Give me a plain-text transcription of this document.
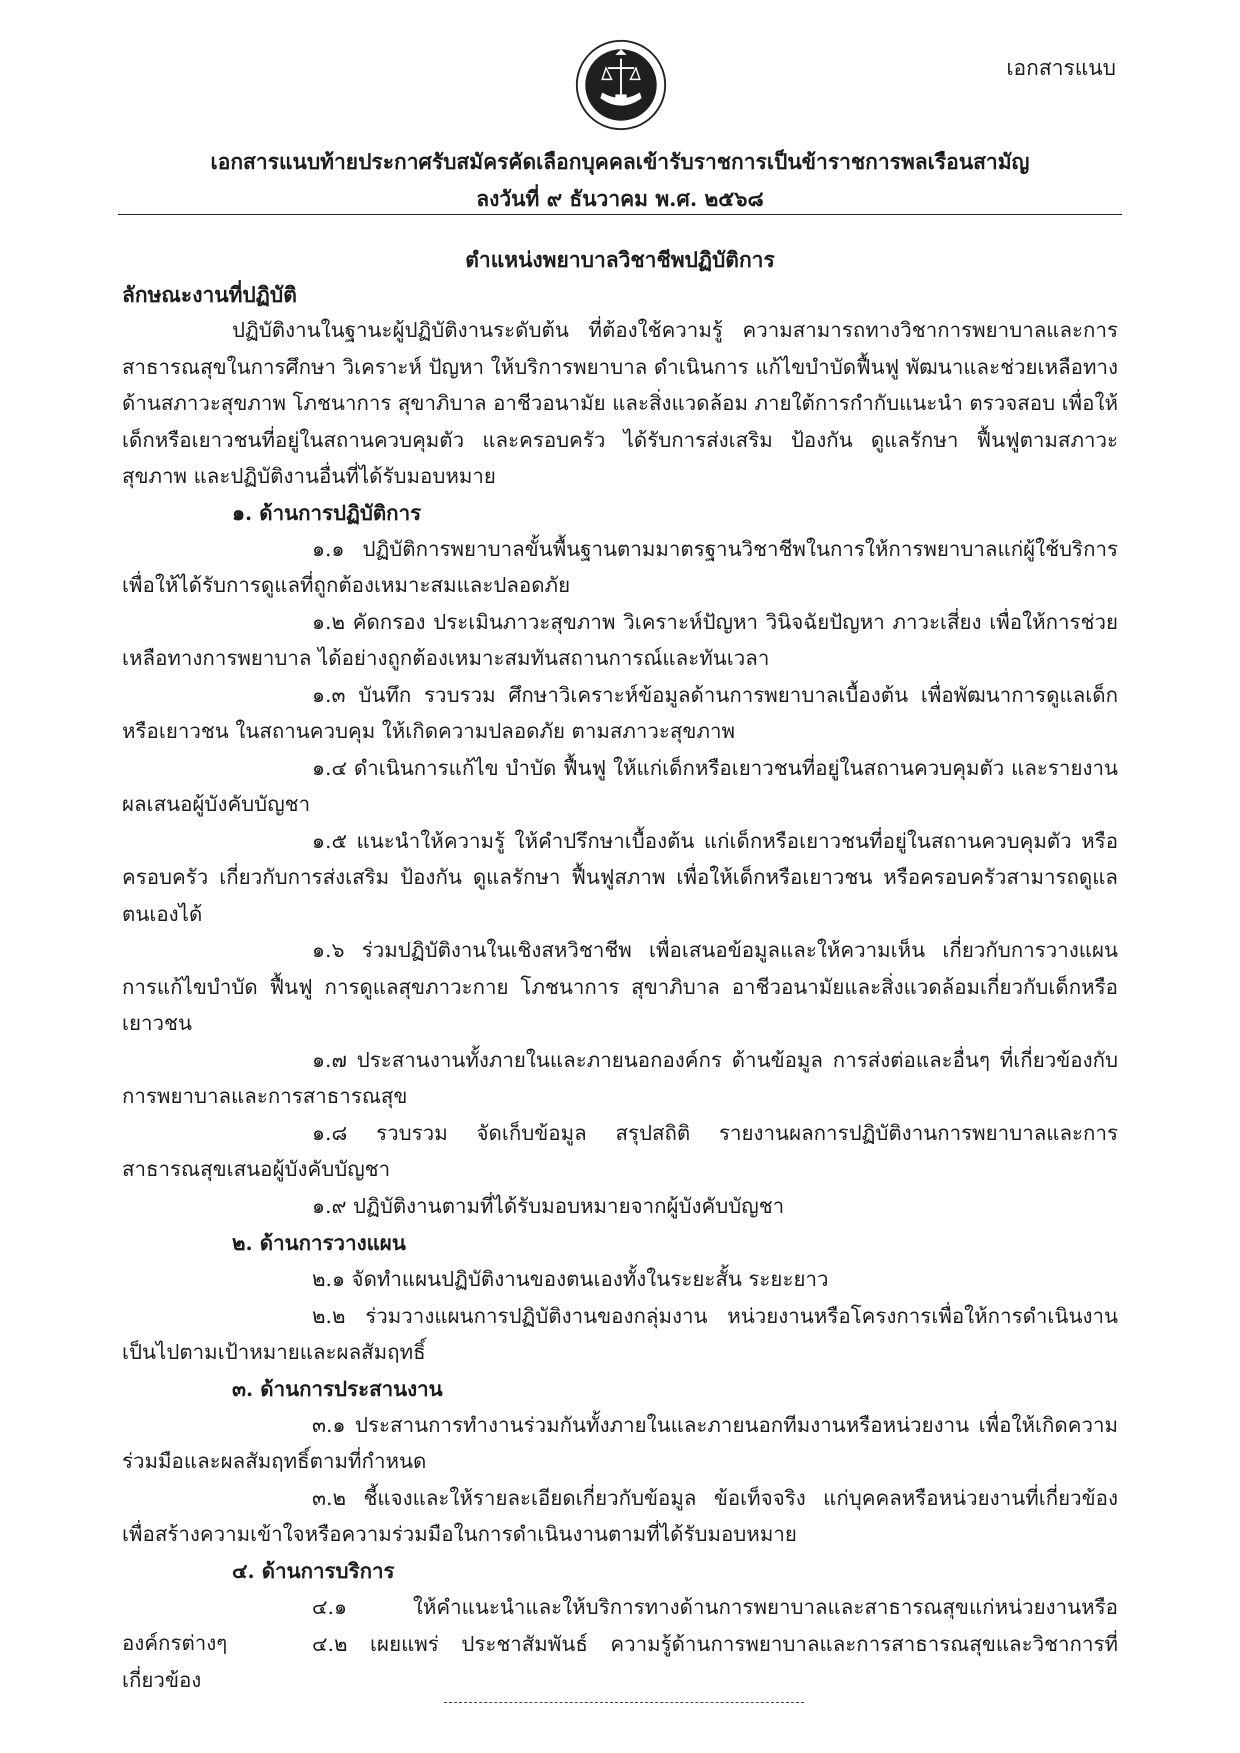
เอกสารแนบ
เอกสารแนบท้ายประกาศรับสมัครคัดเลือกบุคคลเข้ารับราชการเป็นข้าราชการพลเรือนสามัญ
ลงวันที่ ๙ ธันวาคม พ.ศ. ๒๕๖๘
ตำแหน่งพยาบาลวิชาชีพปฏิบัติการ
ลักษณะงานที่ปฏิบัติ

ปฏิบัติงานในฐานะผู้ปฏิบัติงานระดับต้น ที่ต้องใช้ความรู้ ความสามารถทางวิชาการพยาบาลและการสาธารณสุขในการศึกษา วิเคราะห์ ปัญหา ให้บริการพยาบาล ดำเนินการ แก้ไขบำบัดฟื้นฟู พัฒนาและช่วยเหลือทางด้านสภาวะสุขภาพ โภชนาการ สุขาภิบาล อาชีวอนามัย และสิ่งแวดล้อม ภายใต้การกำกับแนะนำ ตรวจสอบ เพื่อให้เด็กหรือเยาวชนที่อยู่ในสถานควบคุมตัว และครอบครัว ได้รับการส่งเสริม ป้องกัน ดูแลรักษา ฟื้นฟูตามสภาวะสุขภาพ และปฏิบัติงานอื่นที่ได้รับมอบหมาย

๑. ด้านการปฏิบัติการ

๑.๑ ปฏิบัติการพยาบาลขั้นพื้นฐานตามมาตรฐานวิชาชีพในการให้การพยาบาลแก่ผู้ใช้บริการ เพื่อให้ได้รับการดูแลที่ถูกต้องเหมาะสมและปลอดภัย

๑.๒ คัดกรอง ประเมินภาวะสุขภาพ วิเคราะห์ปัญหา วินิจฉัยปัญหา ภาวะเสี่ยง เพื่อให้การช่วยเหลือทางการพยาบาล ได้อย่างถูกต้องเหมาะสมทันสถานการณ์และทันเวลา

๑.๓ บันทึก รวบรวม ศึกษาวิเคราะห์ข้อมูลด้านการพยาบาลเบื้องต้น เพื่อพัฒนาการดูแลเด็กหรือเยาวชน ในสถานควบคุม ให้เกิดความปลอดภัย ตามสภาวะสุขภาพ

๑.๔ ดำเนินการแก้ไข บำบัด ฟื้นฟู ให้แก่เด็กหรือเยาวชนที่อยู่ในสถานควบคุมตัว และรายงานผลเสนอผู้บังคับบัญชา

๑.๕ แนะนำให้ความรู้ ให้คำปรึกษาเบื้องต้น แก่เด็กหรือเยาวชนที่อยู่ในสถานควบคุมตัว หรือครอบครัว เกี่ยวกับการส่งเสริม ป้องกัน ดูแลรักษา ฟื้นฟูสภาพ เพื่อให้เด็กหรือเยาวชน หรือครอบครัวสามารถดูแลตนเองได้

๑.๖ ร่วมปฏิบัติงานในเชิงสหวิชาชีพ เพื่อเสนอข้อมูลและให้ความเห็น เกี่ยวกับการวางแผนการแก้ไขบำบัด ฟื้นฟู การดูแลสุขภาวะกาย โภชนาการ สุขาภิบาล อาชีวอนามัยและสิ่งแวดล้อมเกี่ยวกับเด็กหรือเยาวชน

๑.๗ ประสานงานทั้งภายในและภายนอกองค์กร ด้านข้อมูล การส่งต่อและอื่นๆ ที่เกี่ยวข้องกับการพยาบาลและการสาธารณสุข

๑.๘ รวบรวม จัดเก็บข้อมูล สรุปสถิติ รายงานผลการปฏิบัติงานการพยาบาลและการสาธารณสุขเสนอผู้บังคับบัญชา

๑.๙ ปฏิบัติงานตามที่ได้รับมอบหมายจากผู้บังคับบัญชา

๒. ด้านการวางแผน

๒.๑ จัดทำแผนปฏิบัติงานของตนเองทั้งในระยะสั้น ระยะยาว

๒.๒ ร่วมวางแผนการปฏิบัติงานของกลุ่มงาน หน่วยงานหรือโครงการเพื่อให้การดำเนินงานเป็นไปตามเป้าหมายและผลสัมฤทธิ์

๓. ด้านการประสานงาน

๓.๑ ประสานการทำงานร่วมกันทั้งภายในและภายนอกทีมงานหรือหน่วยงาน เพื่อให้เกิดความร่วมมือและผลสัมฤทธิ์ตามที่กำหนด

๓.๒ ชี้แจงและให้รายละเอียดเกี่ยวกับข้อมูล ข้อเท็จจริง แก่บุคคลหรือหน่วยงานที่เกี่ยวข้อง เพื่อสร้างความเข้าใจหรือความร่วมมือในการดำเนินงานตามที่ได้รับมอบหมาย

๔. ด้านการบริการ

๔.๑ ให้คำแนะนำและให้บริการทางด้านการพยาบาลและสาธารณสุขแก่หน่วยงานหรือองค์กรต่างๆ	๔.๒ เผยแพร่ ประชาสัมพันธ์ ความรู้ด้านการพยาบาลและการสาธารณสุขและวิชาการที่เกี่ยวข้อง
